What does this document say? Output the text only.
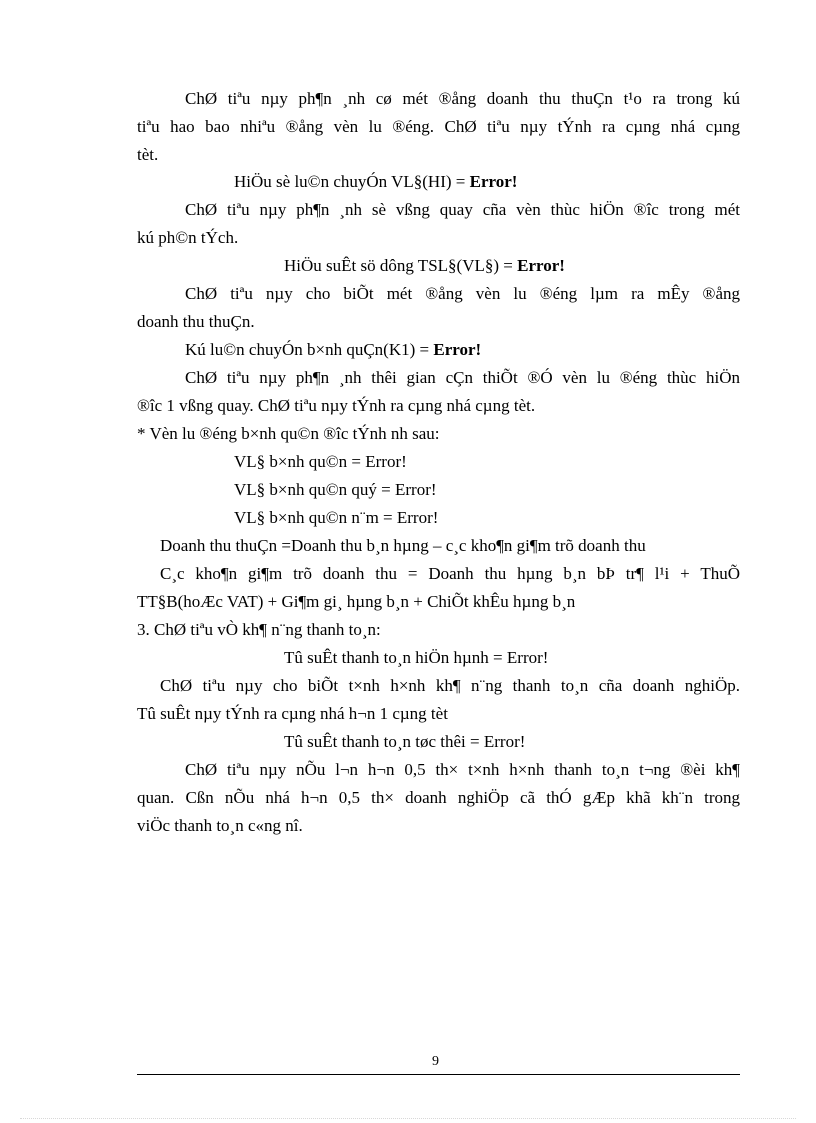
ChØ tiªu nµy ph¶n ¸nh cø mét ®ång doanh thu thuÇn t¹o ra trong kú
tiªu hao bao nhiªu ®ång vèn lu ®éng. ChØ tiªu nµy tÝnh ra cµng nhá cµng
tèt.
HiÖu sè lu©n chuyÓn VL§(HI) = Error!
ChØ tiªu nµy ph¶n ¸nh sè vßng quay cña vèn thùc hiÖn ®îc trong mét
kú ph©n tÝch.
HiÖu suÊt sö dông TSL§(VL§) = Error!
ChØ tiªu nµy cho biÕt mét ®ång vèn lu ®éng lµm ra mÊy ®ång
doanh thu thuÇn.
Kú lu©n chuyÓn b×nh quÇn(K1) = Error!
ChØ tiªu nµy ph¶n ¸nh thêi gian cÇn thiÕt ®Ó vèn lu ®éng thùc hiÖn
®îc 1 vßng quay. ChØ tiªu nµy tÝnh ra cµng nhá cµng tèt.
* Vèn lu ®éng b×nh qu©n ®îc tÝnh nh sau:
VL§ b×nh qu©n = Error!
VL§ b×nh qu©n quý = Error!
VL§ b×nh qu©n n¨m = Error!
Doanh thu thuÇn =Doanh thu b¸n hµng – c¸c kho¶n gi¶m trõ doanh thu
C¸c kho¶n gi¶m trõ doanh thu = Doanh thu hµng b¸n bÞ tr¶ l¹i + ThuÕ
TT§B(hoÆc VAT) + Gi¶m gi¸ hµng b¸n + ChiÕt khÊu hµng b¸n
3. ChØ tiªu vÒ kh¶ n¨ng thanh to¸n:
Tû suÊt thanh to¸n hiÖn hµnh = Error!
ChØ tiªu nµy cho biÕt t×nh h×nh kh¶ n¨ng thanh to¸n cña doanh nghiÖp.
Tû suÊt nµy tÝnh ra cµng nhá h¬n 1 cµng tèt
Tû suÊt thanh to¸n tøc thêi = Error!
ChØ tiªu nµy nÕu l¬n h¬n 0,5 th× t×nh h×nh thanh to¸n t¬ng ®èi kh¶
quan. Cßn nÕu nhá h¬n 0,5 th× doanh nghiÖp cã thÓ gÆp khã kh¨n trong
viÖc thanh to¸n c«ng nî.
9
